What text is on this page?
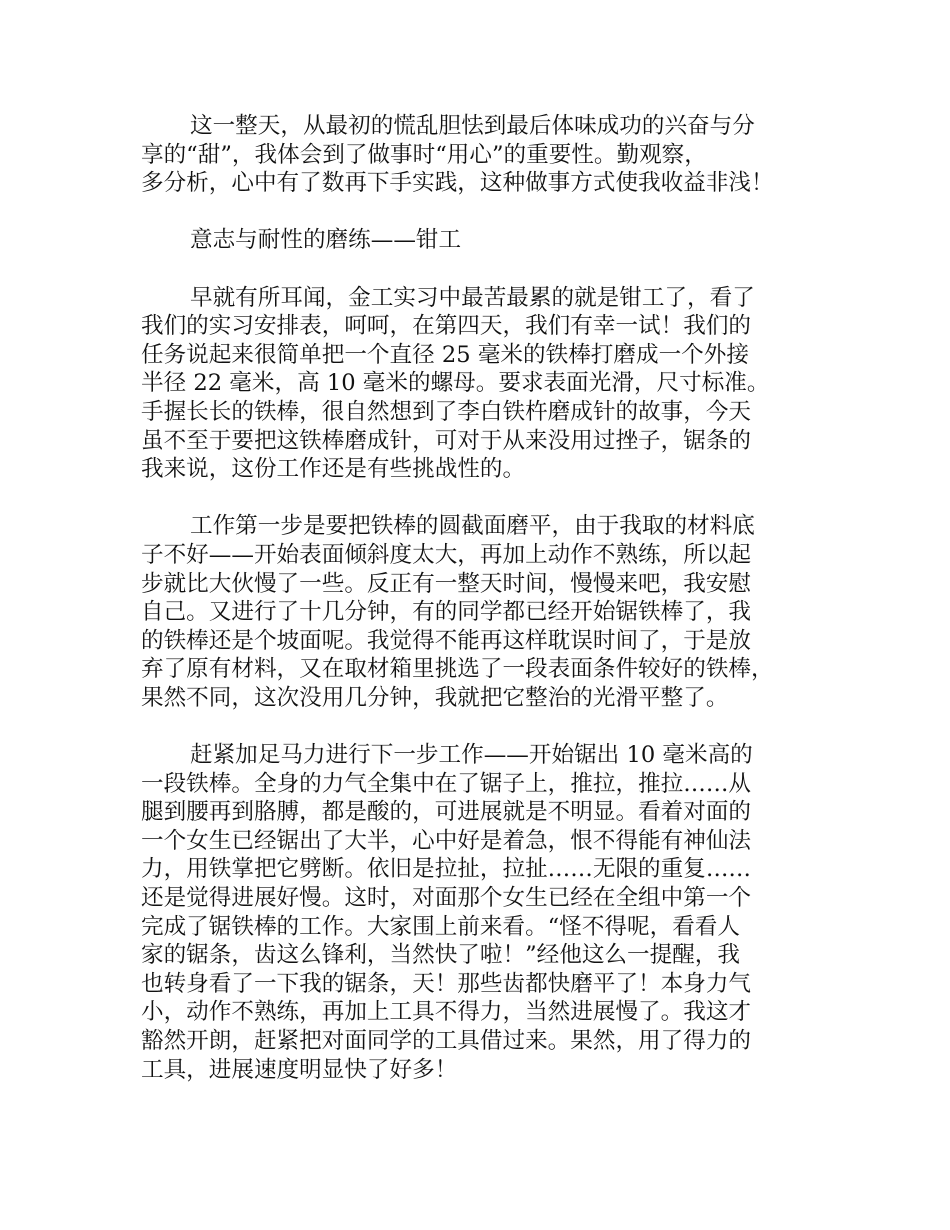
这一整天，从最初的慌乱胆怯到最后体味成功的兴奋与分
享的“甜”，我体会到了做事时“用心”的重要性。勤观察，
多分析，心中有了数再下手实践，这种做事方式使我收益非浅！
意志与耐性的磨练——钳工
早就有所耳闻，金工实习中最苦最累的就是钳工了，看了
我们的实习安排表，呵呵，在第四天，我们有幸一试！我们的
任务说起来很简单把一个直径 25 毫米的铁棒打磨成一个外接
半径 22 毫米，高 10 毫米的螺母。要求表面光滑，尺寸标准。
手握长长的铁棒，很自然想到了李白铁杵磨成针的故事，今天
虽不至于要把这铁棒磨成针，可对于从来没用过挫子，锯条的
我来说，这份工作还是有些挑战性的。
工作第一步是要把铁棒的圆截面磨平，由于我取的材料底
子不好——开始表面倾斜度太大，再加上动作不熟练，所以起
步就比大伙慢了一些。反正有一整天时间，慢慢来吧，我安慰
自己。又进行了十几分钟，有的同学都已经开始锯铁棒了，我
的铁棒还是个坡面呢。我觉得不能再这样耽误时间了，于是放
弃了原有材料，又在取材箱里挑选了一段表面条件较好的铁棒，
果然不同，这次没用几分钟，我就把它整治的光滑平整了。
赶紧加足马力进行下一步工作——开始锯出 10 毫米高的
一段铁棒。全身的力气全集中在了锯子上，推拉，推拉……从
腿到腰再到胳膊，都是酸的，可进展就是不明显。看着对面的
一个女生已经锯出了大半，心中好是着急，恨不得能有神仙法
力，用铁掌把它劈断。依旧是拉扯，拉扯……无限的重复……
还是觉得进展好慢。这时，对面那个女生已经在全组中第一个
完成了锯铁棒的工作。大家围上前来看。“怪不得呢，看看人
家的锯条，齿这么锋利，当然快了啦！”经他这么一提醒，我
也转身看了一下我的锯条，天！那些齿都快磨平了！本身力气
小，动作不熟练，再加上工具不得力，当然进展慢了。我这才
豁然开朗，赶紧把对面同学的工具借过来。果然，用了得力的
工具，进展速度明显快了好多！
